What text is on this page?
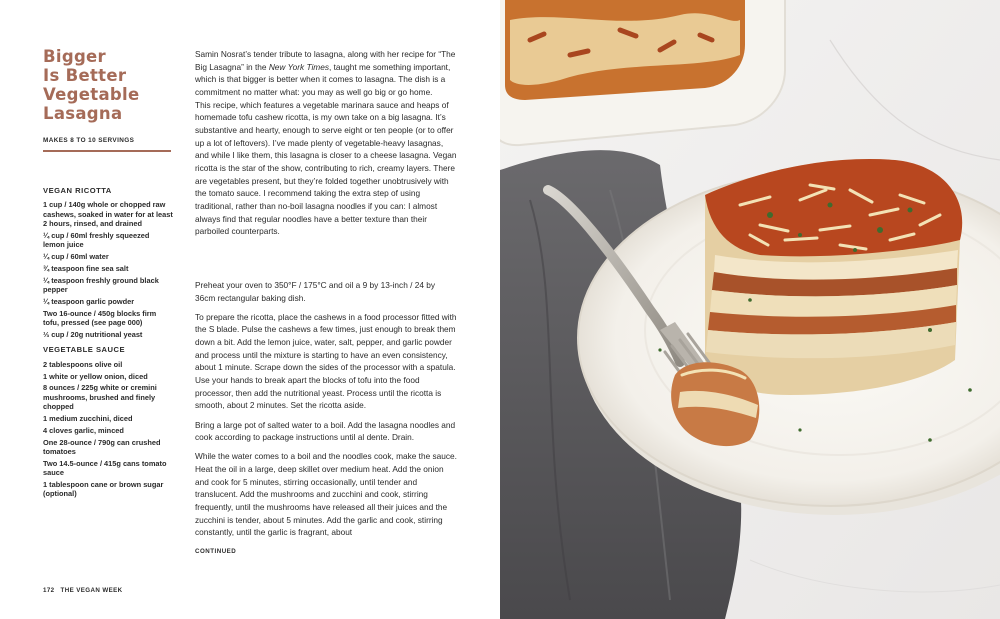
Bigger
Is Better
Vegetable
Lasagna
MAKES 8 TO 10 SERVINGS
VEGAN RICOTTA
1 cup / 140g whole or chopped raw cashews, soaked in water for at least 2 hours, rinsed, and drained
¼ cup / 60ml freshly squeezed lemon juice
¼ cup / 60ml water
¾ teaspoon fine sea salt
¼ teaspoon freshly ground black pepper
¼ teaspoon garlic powder
Two 16-ounce / 450g blocks firm tofu, pressed (see page 000)
⅓ cup / 20g nutritional yeast
VEGETABLE SAUCE
2 tablespoons olive oil
1 white or yellow onion, diced
8 ounces / 225g white or cremini mushrooms, brushed and finely chopped
1 medium zucchini, diced
4 cloves garlic, minced
One 28-ounce / 790g can crushed tomatoes
Two 14.5-ounce / 415g cans tomato sauce
1 tablespoon cane or brown sugar (optional)

Samin Nosrat’s tender tribute to lasagna, along with her recipe for “The Big Lasagna” in the New York Times, taught me something important, which is that bigger is better when it comes to lasagna. The dish is a commitment no matter what: you may as well go big or go home.

This recipe, which features a vegetable marinara sauce and heaps of homemade tofu cashew ricotta, is my own take on a big lasagna. It’s substantive and hearty, enough to serve eight or ten people (or to offer up a lot of leftovers). I’ve made plenty of vegetable-heavy lasagnas, and while I like them, this lasagna is closer to a cheese lasagna. Vegan ricotta is the star of the show, contributing to rich, creamy layers. There are vegetables present, but they’re folded together unobtrusively with the tomato sauce. I recommend taking the extra step of using traditional, rather than no-boil lasagna noodles if you can: I almost always find that regular noodles have a better texture than their parboiled counterparts.

Preheat your oven to 350°F / 175°C and oil a 9 by 13-inch / 24 by 36cm rectangular baking dish.

To prepare the ricotta, place the cashews in a food processor fitted with the S blade. Pulse the cashews a few times, just enough to break them down a bit. Add the lemon juice, water, salt, pepper, and garlic powder and process until the mixture is starting to have an even consistency, about 1 minute. Scrape down the sides of the processor with a spatula. Use your hands to break apart the blocks of tofu into the food processor, then add the nutritional yeast. Process until the ricotta is smooth, about 2 minutes. Set the ricotta aside.

Bring a large pot of salted water to a boil. Add the lasagna noodles and cook according to package instructions until al dente. Drain.

While the water comes to a boil and the noodles cook, make the sauce. Heat the oil in a large, deep skillet over medium heat. Add the onion and cook for 5 minutes, stirring occasionally, until tender and translucent. Add the mushrooms and zucchini and cook, stirring frequently, until the mushrooms have released all their juices and the zucchini is tender, about 5 minutes. Add the garlic and cook, stirring constantly, until the garlic is fragrant, about

CONTINUED
172 THE VEGAN WEEK
